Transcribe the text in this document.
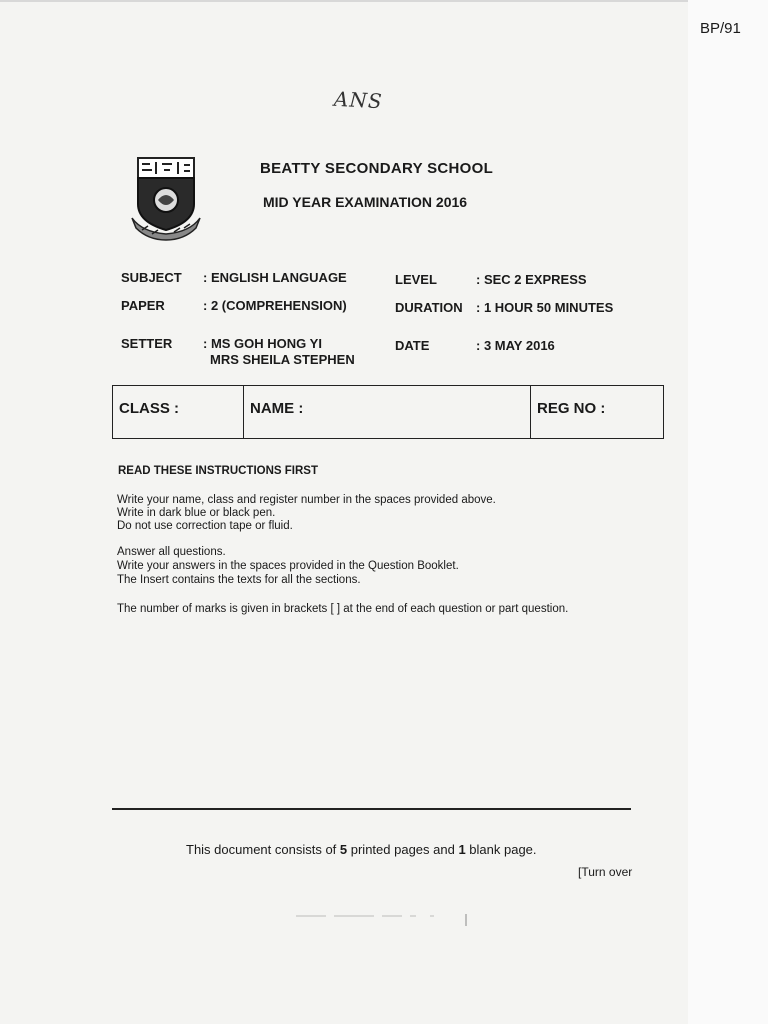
BP/91
ANS
BEATTY SECONDARY SCHOOL
MID YEAR EXAMINATION 2016
SUBJECT : ENGLISH LANGUAGE
PAPER	: 2 (COMPREHENSION)
SETTER : MS GOH HONG YI
MRS SHEILA STEPHEN
LEVEL	: SEC 2 EXPRESS
DURATION : 1 HOUR 50 MINUTES
DATE	: 3 MAY 2016
CLASS :	NAME :	REG NO :
READ THESE INSTRUCTIONS FIRST
Write your name, class and register number in the spaces provided above.
Write in dark blue or black pen.
Do not use correction tape or fluid.
Answer all questions.
Write your answers in the spaces provided in the Question Booklet.
The Insert contains the texts for all the sections.
The number of marks is given in brackets [ ] at the end of each question or part question.
This document consists of 5 printed pages and 1 blank page.
[Turn over
